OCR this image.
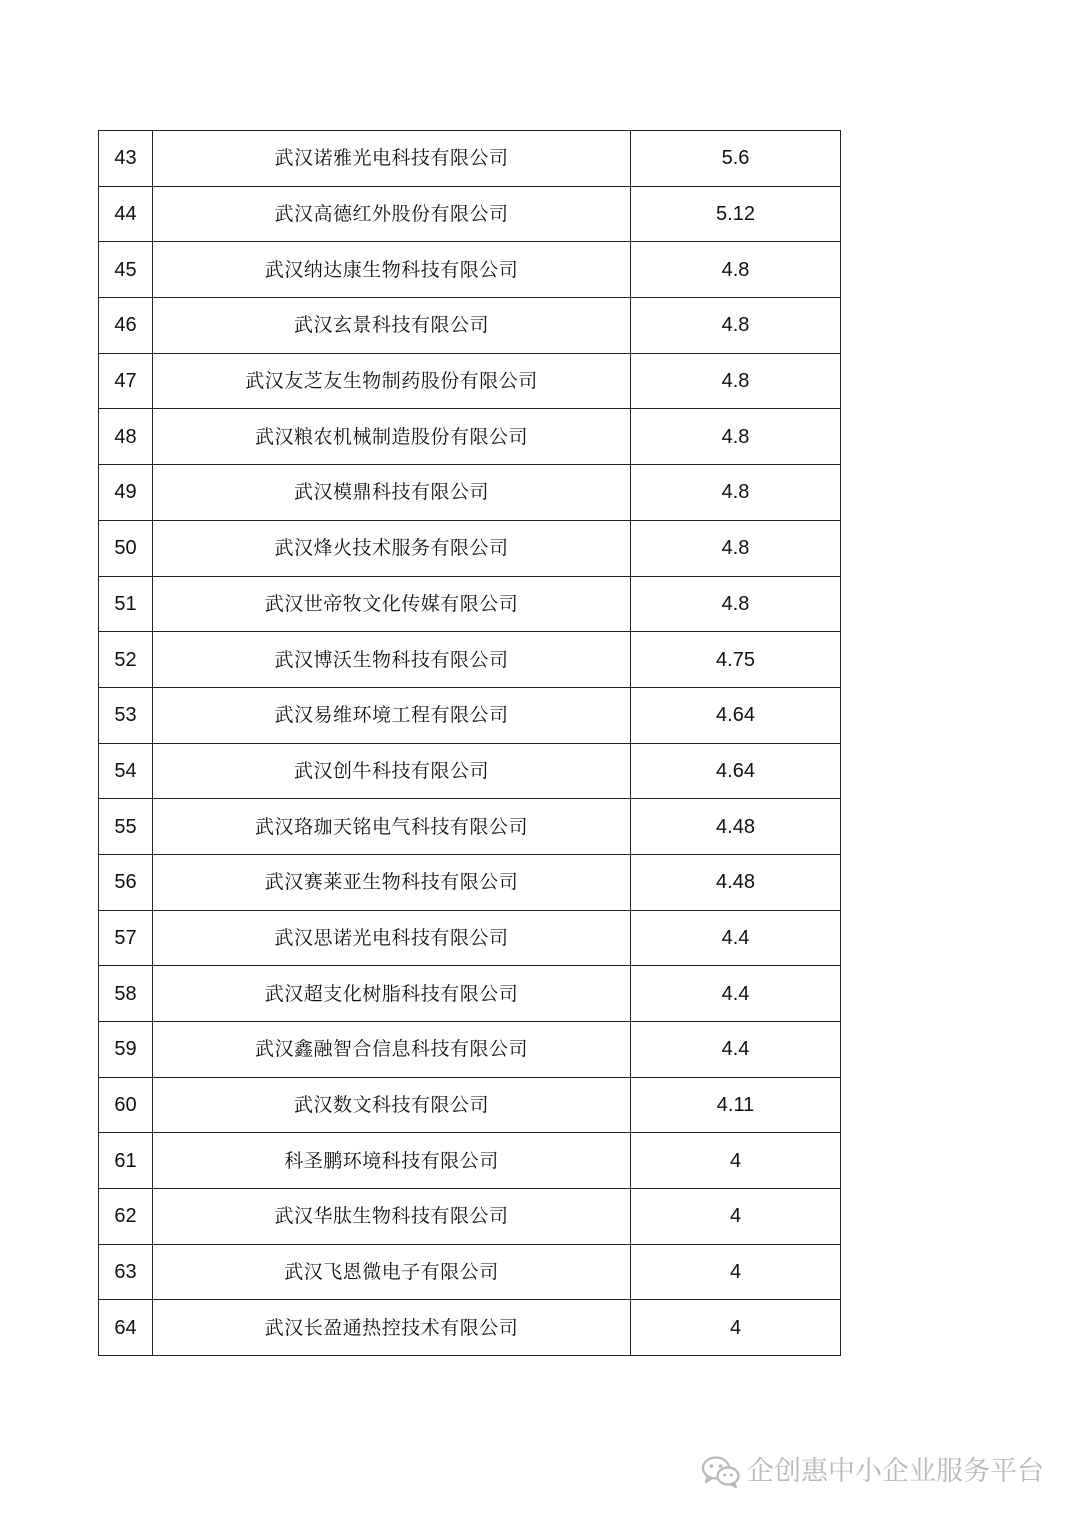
43	武汉诺雅光电科技有限公司	5.6
44	武汉高德红外股份有限公司	5.12
45	武汉纳达康生物科技有限公司	4.8
46	武汉玄景科技有限公司	4.8
47	武汉友芝友生物制药股份有限公司	4.8
48	武汉粮农机械制造股份有限公司	4.8
49	武汉模鼎科技有限公司	4.8
50	武汉烽火技术服务有限公司	4.8
51	武汉世帝牧文化传媒有限公司	4.8
52	武汉博沃生物科技有限公司	4.75
53	武汉易维环境工程有限公司	4.64
54	武汉创牛科技有限公司	4.64
55	武汉珞珈天铭电气科技有限公司	4.48
56	武汉赛莱亚生物科技有限公司	4.48
57	武汉思诺光电科技有限公司	4.4
58	武汉超支化树脂科技有限公司	4.4
59	武汉鑫融智合信息科技有限公司	4.4
60	武汉数文科技有限公司	4.11
61	科圣鹏环境科技有限公司	4
62	武汉华肽生物科技有限公司	4
63	武汉飞恩微电子有限公司	4
64	武汉长盈通热控技术有限公司	4
企创惠中小企业服务平台
